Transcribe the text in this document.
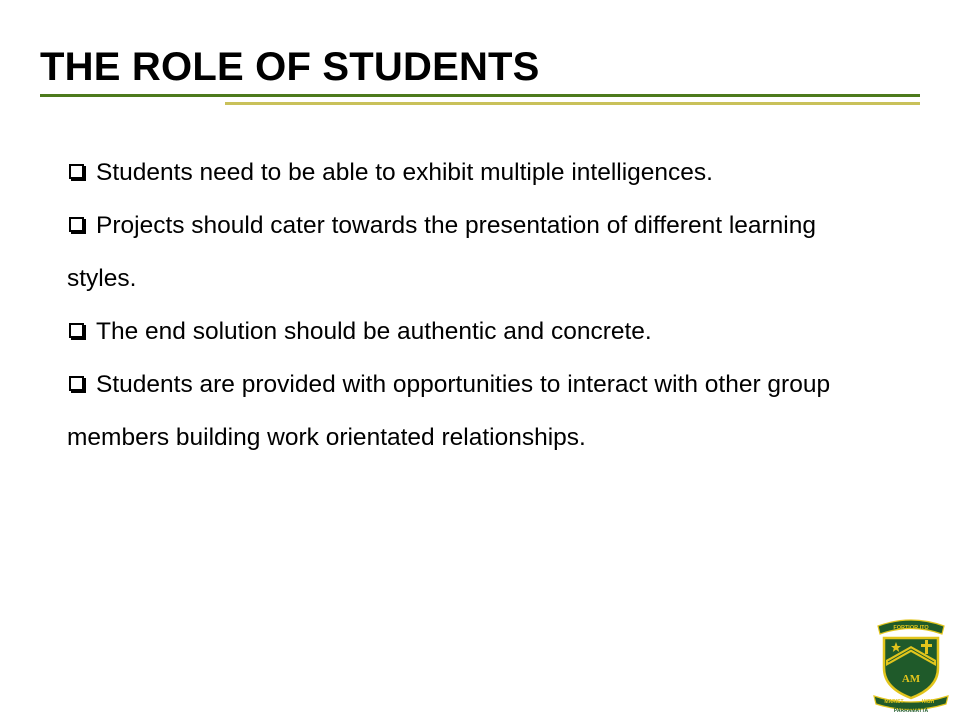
THE ROLE OF STUDENTS

Students need to be able to exhibit multiple intelligences.

Projects should cater towards the presentation of different learning styles.

The end solution should be authentic and concrete.

Students are provided with opportunities to interact with other group members building work orientated relationships.

FORTIOR ITO
AM
MARIST	HIGH
PARRAMATTA
